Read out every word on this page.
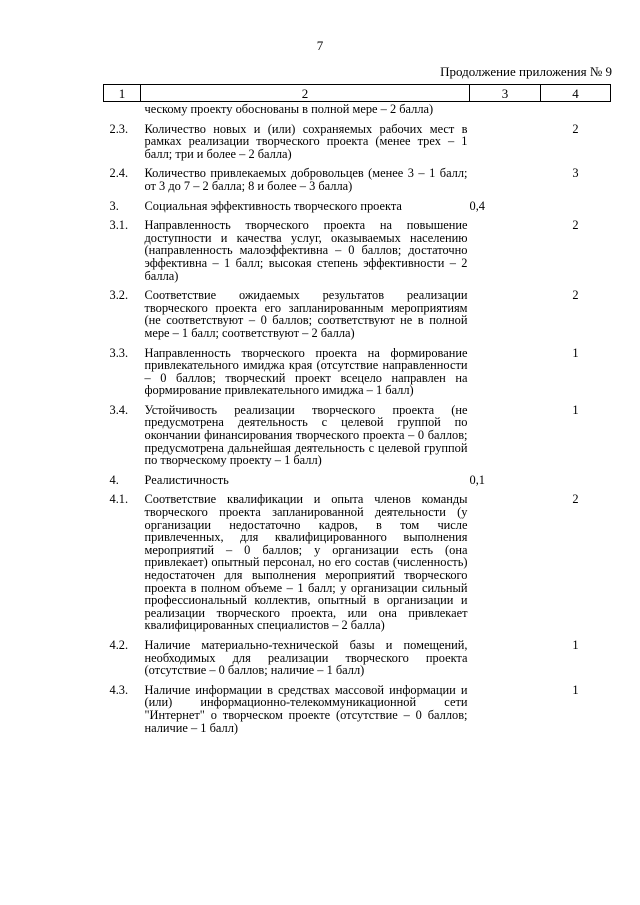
7
Продолжение приложения № 9
1	2	3	4
	ческому проекту обоснованы в полной мере – 2 балла)		
2.3.	Количество новых и (или) сохраняемых рабочих мест в рамках реализации творческого проекта (менее трех – 1 балл; три и более – 2 балла)		2
2.4.	Количество привлекаемых добровольцев (менее 3 – 1 балл; от 3 до 7 – 2 балла; 8 и более – 3 балла)		3
3.	Социальная эффективность творческого проекта	0,4	
3.1.	Направленность творческого проекта на повышение доступности и качества услуг, оказываемых населению (направленность малоэффективна – 0 баллов; достаточно эффективна – 1 балл; высокая степень эффективности – 2 балла)		2
3.2.	Соответствие ожидаемых результатов реализации творческого проекта его запланированным мероприятиям (не соответствуют – 0 баллов; соответствуют не в полной мере – 1 балл; соответствуют – 2 балла)		2
3.3.	Направленность творческого проекта на формирование привлекательного имиджа края (отсутствие направленности – 0 баллов; творческий проект всецело направлен на формирование привлекательного имиджа – 1 балл)		1
3.4.	Устойчивость реализации творческого проекта (не предусмотрена деятельность с целевой группой по окончании финансирования творческого проекта – 0 баллов; предусмотрена дальнейшая деятельность с целевой группой по творческому проекту – 1 балл)		1
4.	Реалистичность	0,1	
4.1.	Соответствие квалификации и опыта членов команды творческого проекта запланированной деятельности (у организации недостаточно кадров, в том числе привлеченных, для квалифицированного выполнения мероприятий – 0 баллов; у организации есть (она привлекает) опытный персонал, но его состав (численность) недостаточен для выполнения мероприятий творческого проекта в полном объеме – 1 балл; у организации сильный профессиональный коллектив, опытный в организации и реализации творческого проекта, или она привлекает квалифицированных специалистов – 2 балла)		2
4.2.	Наличие материально-технической базы и помещений, необходимых для реализации творческого проекта (отсутствие – 0 баллов; наличие – 1 балл)		1
4.3.	Наличие информации в средствах массовой информации и (или) информационно-телекоммуникационной сети "Интернет" о творческом проекте (отсутствие – 0 баллов; наличие – 1 балл)		1
